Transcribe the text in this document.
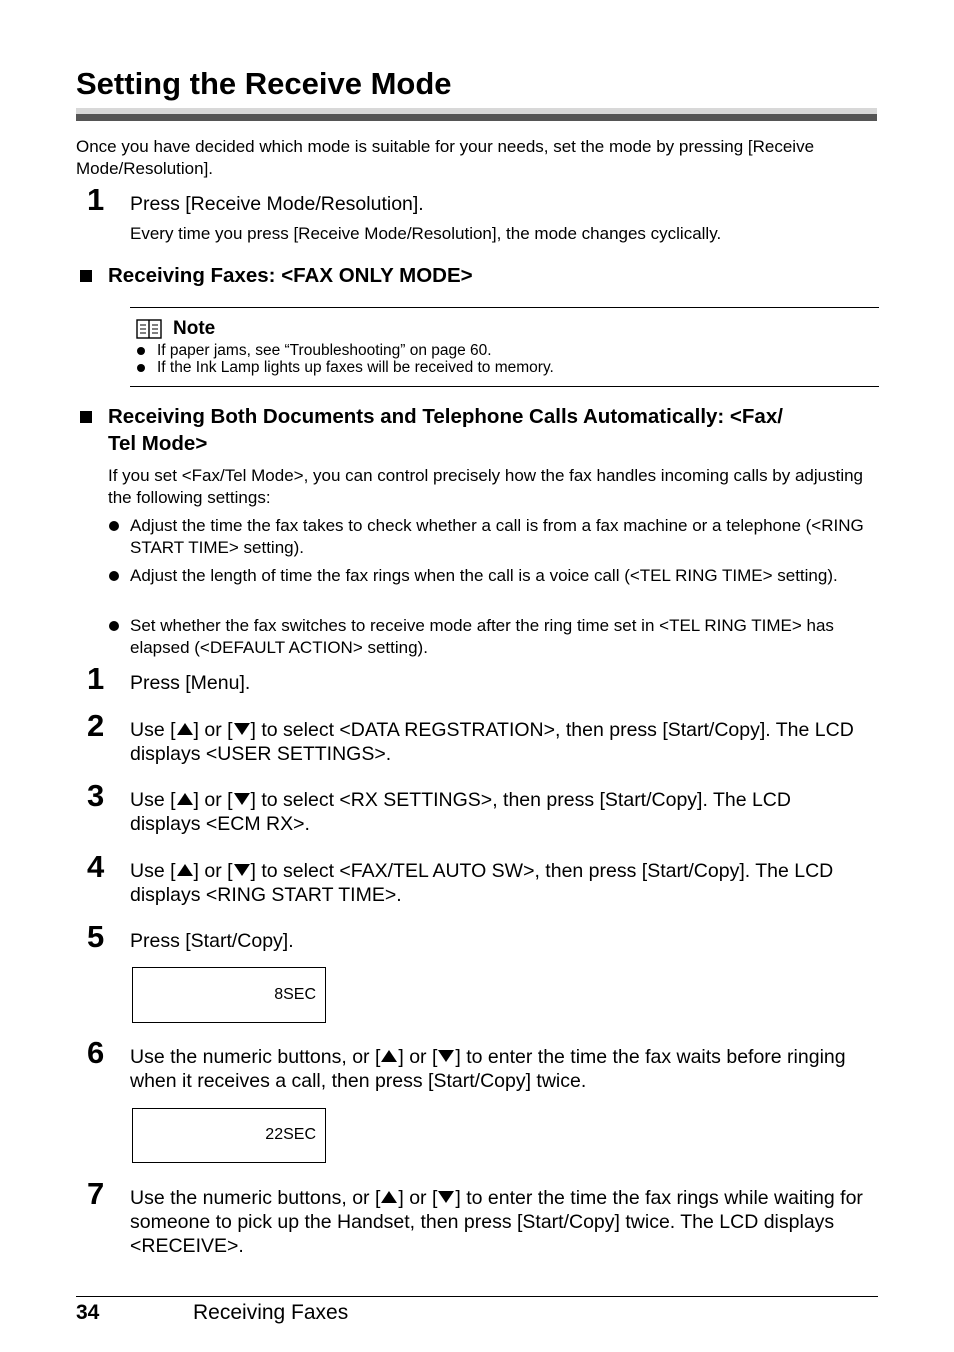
Setting the Receive Mode
Once you have decided which mode is suitable for your needs, set the mode by pressing [Receive Mode/Resolution].
1 Press [Receive Mode/Resolution].
Every time you press [Receive Mode/Resolution], the mode changes cyclically.
Receiving Faxes: <FAX ONLY MODE>
Note
If paper jams, see “Troubleshooting” on page 60.
If the Ink Lamp lights up faxes will be received to memory.
Receiving Both Documents and Telephone Calls Automatically: <Fax/
Tel Mode>
If you set <Fax/Tel Mode>, you can control precisely how the fax handles incoming calls by adjusting the following settings:
Adjust the time the fax takes to check whether a call is from a fax machine or a telephone (<RING START TIME> setting).
Adjust the length of time the fax rings when the call is a voice call (<TEL RING TIME> setting).
Set whether the fax switches to receive mode after the ring time set in <TEL RING TIME> has elapsed (<DEFAULT ACTION> setting).
1 Press [Menu].
2 Use [ ] or [ ] to select <DATA REGSTRATION>, then press [Start/Copy]. The LCD displays <USER SETTINGS>.
3 Use [ ] or [ ] to select <RX SETTINGS>, then press [Start/Copy]. The LCD displays <ECM RX>.
4 Use [ ] or [ ] to select <FAX/TEL AUTO SW>, then press [Start/Copy]. The LCD displays <RING START TIME>.
5 Press [Start/Copy].
8SEC
6 Use the numeric buttons, or [ ] or [ ] to enter the time the fax waits before ringing when it receives a call, then press [Start/Copy] twice.
22SEC
7 Use the numeric buttons, or [ ] or [ ] to enter the time the fax rings while waiting for someone to pick up the Handset, then press [Start/Copy] twice. The LCD displays <RECEIVE>.
34	Receiving Faxes
